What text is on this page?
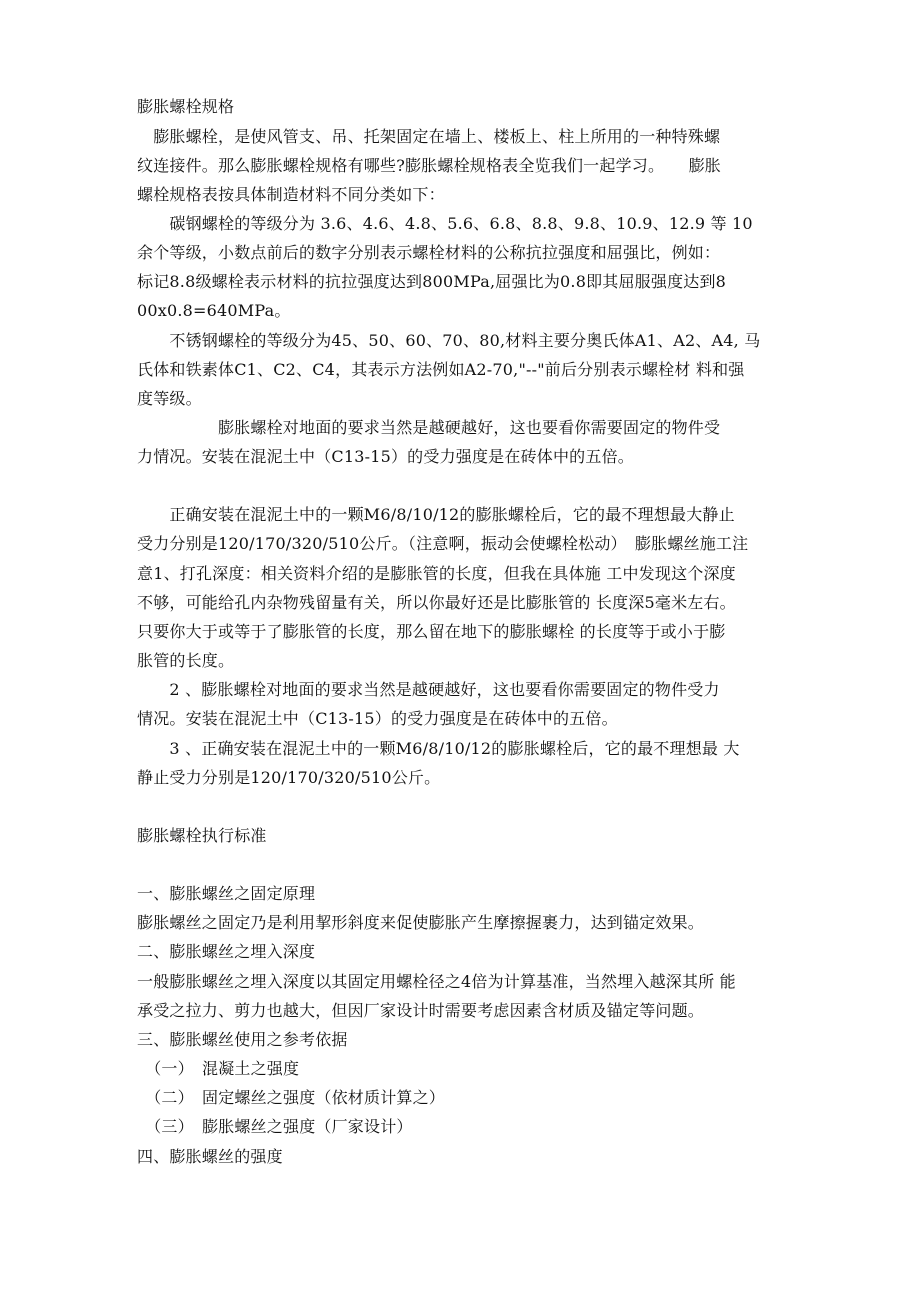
膨胀螺栓规格
　膨胀螺栓，是使风管支、吊、托架固定在墙上、楼板上、柱上所用的一种特殊螺
纹连接件。那么膨胀螺栓规格有哪些?膨胀螺栓规格表全览我们一起学习。　　膨胀
螺栓规格表按具体制造材料不同分类如下：
　　碳钢螺栓的等级分为 3.6、4.6、4.8、5.6、6.8、8.8、9.8、10.9、12.9 等 10
余个等级，小数点前后的数字分别表示螺栓材料的公称抗拉强度和屈强比，例如：
标记8.8级螺栓表示材料的抗拉强度达到800MPa,屈强比为0.8即其屈服强度达到8
00x0.8=640MPa。
　　不锈钢螺栓的等级分为45、50、60、70、80,材料主要分奥氏体A1、A2、A4, 马
氏体和铁素体C1、C2、C4，其表示方法例如A2-70,"--"前后分别表示螺栓材 料和强
度等级。
　　　　　膨胀螺栓对地面的要求当然是越硬越好，这也要看你需要固定的物件受
力情况。安装在混泥土中（C13-15）的受力强度是在砖体中的五倍。
　　正确安装在混泥土中的一颗M6/8/10/12的膨胀螺栓后，它的最不理想最大静止
受力分别是120/170/320/510公斤。（注意啊，振动会使螺栓松动）　膨胀螺丝施工注
意1、打孔深度：相关资料介绍的是膨胀管的长度，但我在具体施 工中发现这个深度
不够，可能给孔内杂物残留量有关，所以你最好还是比膨胀管的 长度深5毫米左右。
只要你大于或等于了膨胀管的长度，那么留在地下的膨胀螺栓 的长度等于或小于膨
胀管的长度。
　　2 、膨胀螺栓对地面的要求当然是越硬越好，这也要看你需要固定的物件受力
情况。安装在混泥土中（C13-15）的受力强度是在砖体中的五倍。
　　3 、正确安装在混泥土中的一颗M6/8/10/12的膨胀螺栓后，它的最不理想最 大
静止受力分别是120/170/320/510公斤。
膨胀螺栓执行标准
一、膨胀螺丝之固定原理
膨胀螺丝之固定乃是利用挈形斜度来促使膨胀产生摩擦握裹力，达到锚定效果。
二、膨胀螺丝之埋入深度
一般膨胀螺丝之埋入深度以其固定用螺栓径之4倍为计算基准，当然埋入越深其所 能
承受之拉力、剪力也越大，但因厂家设计时需要考虑因素含材质及锚定等问题。
三、膨胀螺丝使用之参考依据
　（一）　混凝土之强度
　（二）　固定螺丝之强度（依材质计算之）
　（三）　膨胀螺丝之强度（厂家设计）
四、膨胀螺丝的强度
